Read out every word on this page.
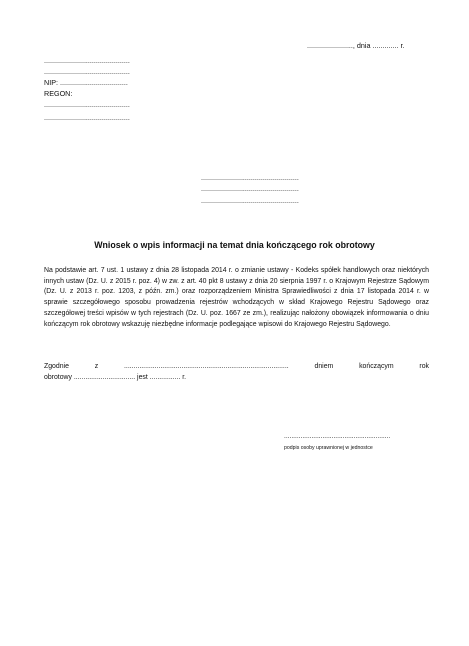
......................., dnia ............. r.
...........................................
...........................................
NIP: ..................................
REGON:
...........................................
...........................................
.................................................
.................................................
.................................................
Wniosek o wpis informacji na temat dnia kończącego rok obrotowy
Na podstawie art. 7 ust. 1 ustawy z dnia 28 listopada 2014 r. o zmianie ustawy - Kodeks spółek handlowych oraz niektórych innych ustaw (Dz. U. z 2015 r. poz. 4) w zw. z art. 40 pkt 8 ustawy z dnia 20 sierpnia 1997 r. o Krajowym Rejestrze Sądowym (Dz. U. z 2013 r. poz. 1203, z późn. zm.) oraz rozporządzeniem Ministra Sprawiedliwości z dnia 17 listopada 2014 r. w sprawie szczegółowego sposobu prowadzenia rejestrów wchodzących w skład Krajowego Rejestru Sądowego oraz szczegółowej treści wpisów w tych rejestrach (Dz. U. poz. 1667 ze zm.), realizując nałożony obowiązek informowania o dniu kończącym rok obrotowy wskazuję niezbędne informacje podlegające wpisowi do Krajowego Rejestru Sądowego.
Zgodnie	z	......................................................................................	dniem	kończącym	rok
obrotowy ................................ jest ................ r.
..........................................................
podpis osoby uprawnionej w jednostce
